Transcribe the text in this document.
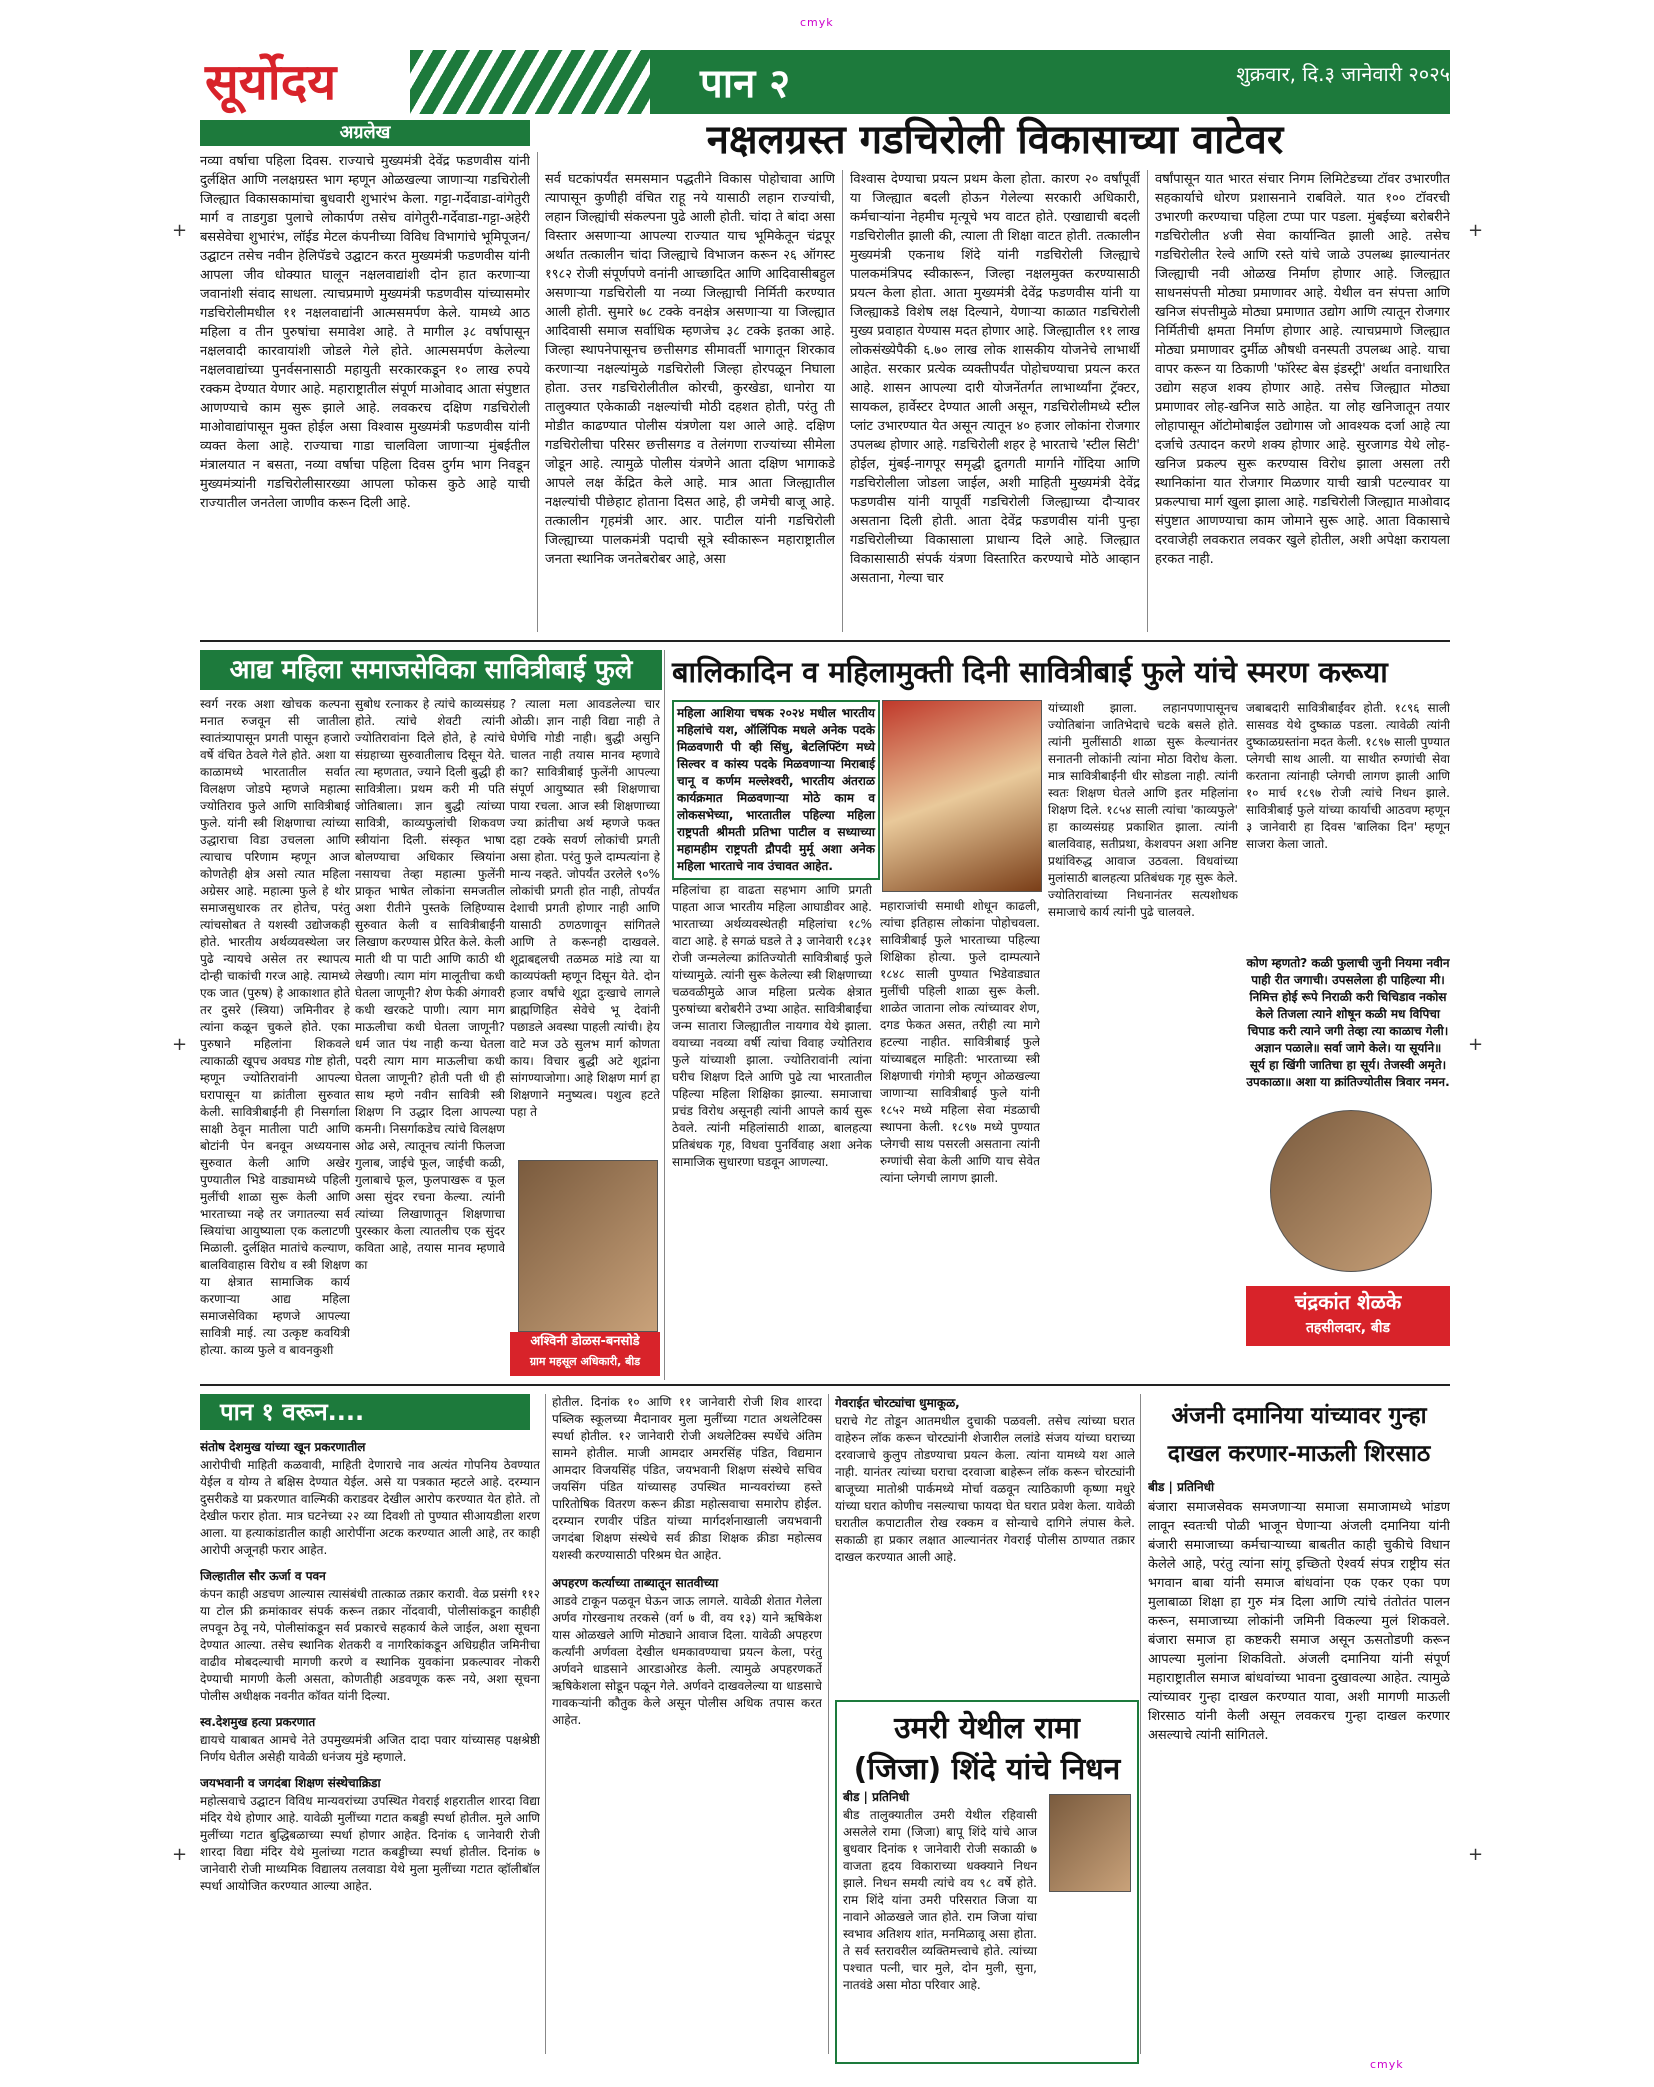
cmyk
सूर्योदय	पान २	शुक्रवार, दि.३ जानेवारी २०२५
अग्रलेख	नक्षलग्रस्त गडचिरोली विकासाच्या वाटेवर
नव्या वर्षाचा पहिला दिवस. राज्याचे मुख्यमंत्री देवेंद्र फडणवीस यांनी दुर्लक्षित आणि नलक्षग्रस्त भाग म्हणून ओळखल्या जाणाऱ्या गडचिरोली जिल्ह्यात विकासकामांचा बुधवारी शुभारंभ केला. गट्टा-गर्देवाडा-वांगेतुरी मार्ग व ताडगुडा पुलाचे लोकार्पण तसेच वांगेतुरी-गर्देवाडा-गट्टा-अहेरी बससेवेचा शुभारंभ, लॉईड मेटल कंपनीच्या विविध विभागांचे भूमिपूजन/उद्घाटन तसेच नवीन हेलिपॅडचे उद्घाटन करत मुख्यमंत्री फडणवीस यांनी आपला जीव धोक्यात घालून नक्षलवाद्यांशी दोन हात करणाऱ्या जवानांशी संवाद साधला. त्याचप्रमाणे मुख्यमंत्री फडणवीस यांच्यासमोर गडचिरोलीमधील ११ नक्षलवाद्यांनी आत्मसमर्पण केले. यामध्ये आठ महिला व तीन पुरुषांचा समावेश आहे. ते मागील ३८ वर्षापासून नक्षलवादी कारवायांशी जोडले गेले होते. आत्मसमर्पण केलेल्या नक्षलवाद्यांच्या पुनर्वसनासाठी महायुती सरकारकडून १० लाख रुपये रक्कम देण्यात येणार आहे. महाराष्ट्रातील संपूर्ण माओवाद आता संपुष्टात आणण्याचे काम सुरू झाले आहे. लवकरच दक्षिण गडचिरोली माओवाद्यांपासून मुक्त होईल असा विश्वास मुख्यमंत्री फडणवीस यांनी व्यक्त केला आहे. राज्याचा गाडा चालविला जाणाऱ्या मुंबईतील मंत्रालयात न बसता, नव्या वर्षाचा पहिला दिवस दुर्गम भाग निवडून मुख्यमंत्र्यांनी गडचिरोलीसारख्या आपला फोकस कुठे आहे याची राज्यातील जनतेला जाणीव करून दिली आहे.
सर्व घटकांपर्यंत समसमान पद्धतीने विकास पोहोचावा आणि त्यापासून कुणीही वंचित राहू नये यासाठी लहान राज्यांची, लहान जिल्ह्यांची संकल्पना पुढे आली होती. चांदा ते बांदा असा विस्तार असणाऱ्या आपल्या राज्यात याच भूमिकेतून चंद्रपूर अर्थात तत्कालीन चांदा जिल्ह्याचे विभाजन करून २६ ऑगस्ट १९८२ रोजी संपूर्णपणे वनांनी आच्छादित आणि आदिवासीबहुल असणाऱ्या गडचिरोली या नव्या जिल्ह्याची निर्मिती करण्यात आली होती. सुमारे ७८ टक्के वनक्षेत्र असणाऱ्या या जिल्ह्यात आदिवासी समाज सर्वाधिक म्हणजेच ३८ टक्के इतका आहे. जिल्हा स्थापनेपासूनच छत्तीसगड सीमावर्ती भागातून शिरकाव करणाऱ्या नक्षल्यांमुळे गडचिरोली जिल्हा होरपळून निघाला होता. उत्तर गडचिरोलीतील कोरची, कुरखेडा, धानोरा या तालुक्यात एकेकाळी नक्षल्यांची मोठी दहशत होती, परंतु ती मोडीत काढण्यात पोलीस यंत्रणेला यश आले आहे. दक्षिण गडचिरोलीचा परिसर छत्तीसगड व तेलंगणा राज्यांच्या सीमेला जोडून आहे. त्यामुळे पोलीस यंत्रणेने आता दक्षिण भागाकडे आपले लक्ष केंद्रित केले आहे. मात्र आता जिल्ह्यातील नक्षल्यांची पीछेहाट होताना दिसत आहे, ही जमेची बाजू आहे. तत्कालीन गृहमंत्री आर. आर. पाटील यांनी गडचिरोली जिल्ह्याच्या पालकमंत्री पदाची सूत्रे स्वीकारून महाराष्ट्रातील जनता स्थानिक जनतेबरोबर आहे, असा
विश्वास देण्याचा प्रयत्न प्रथम केला होता. कारण २० वर्षांपूर्वी या जिल्ह्यात बदली होऊन गेलेल्या सरकारी अधिकारी, कर्मचाऱ्यांना नेहमीच मृत्यूचे भय वाटत होते. एखाद्याची बदली गडचिरोलीत झाली की, त्याला ती शिक्षा वाटत होती. तत्कालीन मुख्यमंत्री एकनाथ शिंदे यांनी गडचिरोली जिल्ह्याचे पालकमंत्रिपद स्वीकारून, जिल्हा नक्षलमुक्त करण्यासाठी प्रयत्न केला होता. आता मुख्यमंत्री देवेंद्र फडणवीस यांनी या जिल्ह्याकडे विशेष लक्ष दिल्याने, येणाऱ्या काळात गडचिरोली मुख्य प्रवाहात येण्यास मदत होणार आहे. जिल्ह्यातील ११ लाख लोकसंख्येपैकी ६.७० लाख लोक शासकीय योजनेचे लाभार्थी आहेत. सरकार प्रत्येक व्यक्तीपर्यंत पोहोचण्याचा प्रयत्न करत आहे. शासन आपल्या दारी योजनेंतर्गत लाभार्थ्यांना ट्रॅक्टर, सायकल, हार्वेस्टर देण्यात आली असून, गडचिरोलीमध्ये स्टील प्लांट उभारण्यात येत असून त्यातून ४० हजार लोकांना रोजगार उपलब्ध होणार आहे. गडचिरोली शहर हे भारताचे 'स्टील सिटी' होईल, मुंबई-नागपूर समृद्धी द्रुतगती मार्गाने गोंदिया आणि गडचिरोलीला जोडला जाईल, अशी माहिती मुख्यमंत्री देवेंद्र फडणवीस यांनी यापूर्वी गडचिरोली जिल्ह्याच्या दौऱ्यावर असताना दिली होती. आता देवेंद्र फडणवीस यांनी पुन्हा गडचिरोलीच्या विकासाला प्राधान्य दिले आहे. जिल्ह्यात विकासासाठी संपर्क यंत्रणा विस्तारित करण्याचे मोठे आव्हान असताना, गेल्या चार
वर्षांपासून यात भारत संचार निगम लिमिटेडच्या टॉवर उभारणीत सहकार्याचे धोरण प्रशासनाने राबविले. यात १०० टॉवरची उभारणी करण्याचा पहिला टप्पा पार पडला. मुंबईच्या बरोबरीने गडचिरोलीत ४जी सेवा कार्यान्वित झाली आहे. तसेच गडचिरोलीत रेल्वे आणि रस्ते यांचे जाळे उपलब्ध झाल्यानंतर जिल्ह्याची नवी ओळख निर्माण होणार आहे. जिल्ह्यात साधनसंपत्ती मोठ्या प्रमाणावर आहे. येथील वन संपत्ता आणि खनिज संपत्तीमुळे मोठ्या प्रमाणात उद्योग आणि त्यातून रोजगार निर्मितीची क्षमता निर्माण होणार आहे. त्याचप्रमाणे जिल्ह्यात मोठ्या प्रमाणावर दुर्मीळ औषधी वनस्पती उपलब्ध आहे. याचा वापर करून या ठिकाणी 'फॉरेस्ट बेस इंडस्ट्री' अर्थात वनाधारित उद्योग सहज शक्य होणार आहे. तसेच जिल्ह्यात मोठ्या प्रमाणावर लोह-खनिज साठे आहेत. या लोह खनिजातून तयार लोहापासून ऑटोमोबाईल उद्योगास जो आवश्यक दर्जा आहे त्या दर्जाचे उत्पादन करणे शक्य होणार आहे. सुरजागड येथे लोह-खनिज प्रकल्प सुरू करण्यास विरोध झाला असला तरी स्थानिकांना यात रोजगार मिळणार याची खात्री पटल्यावर या प्रकल्पाचा मार्ग खुला झाला आहे. गडचिरोली जिल्ह्यात माओवाद संपुष्टात आणण्याचा काम जोमाने सुरू आहे. आता विकासाचे दरवाजेही लवकरात लवकर खुले होतील, अशी अपेक्षा करायला हरकत नाही.
आद्य महिला समाजसेविका सावित्रीबाई फुले
स्वर्ग नरक अशा खोचक कल्पना मनात रुजवून सी जातीला स्वातंत्र्यापासून प्रगती पासून हजारो वर्षे वंचित ठेवले गेले होते. अशा या काळामध्ये भारतातील सर्वात विलक्षण जोडपे म्हणजे महात्मा ज्योतिराव फुले आणि सावित्रीबाई फुले. यांनी स्त्री शिक्षणाचा त्यांच्या उद्धाराचा विडा उचलला आणि त्याचाच परिणाम म्हणून आज कोणतेही क्षेत्र असो त्यात महिला अग्रेसर आहे. महात्मा फुले हे थोर समाजसुधारक तर होतेच, परंतु त्यांचसोबत ते यशस्वी उद्योजकही होते. भारतीय अर्थव्यवस्थेला जर पुढे न्यायचे असेल तर स्थापत्य दोन्ही चाकांची गरज आहे. त्यामध्ये एक जात (पुरुष) हे आकाशात होते तर दुसरे (स्त्रिया) जमिनीवर हे त्यांना कळून चुकले होते. एका पुरुषाने महिलांना शिकवले त्याकाळी खूपच अवघड गोष्ट होती, म्हणून ज्योतिरावांनी आपल्या घरापासून या क्रांतीला सुरुवात केली. सावित्रीबाईंनी ही निसर्गाला साक्षी ठेवून मातीला पाटी आणि बोटांनी पेन बनवून अध्ययनास सुरुवात केली आणि अखेर पुण्यातील भिडे वाड्यामध्ये पहिली मुलींची शाळा सुरू केली आणि भारताच्या नव्हे तर जगातल्या सर्व स्त्रियांचा आयुष्याला एक कलाटणी मिळाली. दुर्लक्षित मातांचे कल्याण, बालविवाहास विरोध व स्त्री शिक्षण या क्षेत्रात सामाजिक कार्य करणाऱ्या आद्य महिला समाजसेविका म्हणजे आपल्या सावित्री माई. त्या उत्कृष्ट कवयित्री होत्या. काव्य फुले व बावनकुशी
सुबोध रत्नाकर हे त्यांचे काव्यसंग्रह होते. त्यांचे शेवटी त्यांनी ज्योतिरावांना दिले होते, हे त्यांचे संग्रहाच्या सुरुवातीलाच दिसून येते. त्या म्हणतात, ज्याने दिली बुद्धी ही सावित्रीला। प्रथम करी मी पति जोतिबाला। ज्ञान बुद्धी त्यांच्या सावित्री, काव्यफुलांची शिकवण स्त्रीयांना दिली. संस्कृत भाषा बोलण्याचा अधिकार स्त्रियांना नसायचा तेव्हा महात्मा फुलेंनी प्राकृत भाषेत लोकांना समजतील अशा रीतीने पुस्तके लिहिण्यास सुरुवात केली व सावित्रीबाईंनी लिखाण करण्यास प्रेरित केले. केली माती थी पा पाटी आणि काठी थी लेखणी। त्याग मांग मालूतीचा कधी घेतला जाणूनी? शेण फेकी अंगावरी कधी खरकटे पाणी। त्याग माग माऊलीचा कधी घेतला जाणूनी? धर्म जात पंथ नाही कन्या घेतला पदरी त्याग माग माऊलीचा कधी घेतला जाणूनी? होती पती धी ही साथ म्हणे नवीन सावित्री स्त्री शिक्षण नि उद्धार दिला आपल्या कमनी। निसर्गाकडेच त्यांचे विलक्षण ओढ असे, त्यातूनच त्यांनी फिलजा गुलाब, जाईचे फूल, जाईची कळी, गुलाबाचे फूल, फुलपाखरू व फूल असा सुंदर रचना केल्या. त्यांनी त्यांच्या लिखाणातून शिक्षणाचा पुरस्कार केला त्यातलीच एक सुंदर कविता आहे, तयास मानव म्हणावे का
? त्याला मला आवडलेल्या चार ओळी। ज्ञान नाही विद्या नाही ते घेणेचि गोडी नाही। बुद्धी असुनि चालत नाही तयास मानव म्हणावे का? सावित्रीबाई फुलेंनी आपल्या संपूर्ण आयुष्यात स्त्री शिक्षणाचा पाया रचला. आज स्त्री शिक्षणाच्या ज्या क्रांतीचा अर्थ म्हणजे फक्त दहा टक्के सवर्ण लोकांची प्रगती असा होता. परंतु फुले दाम्पत्यांना हे मान्य नव्हते. जोपर्यंत उरलेले ९०% लोकांची प्रगती होत नाही, तोपर्यंत देशाची प्रगती होणार नाही आणि यासाठी ठणठणावून सांगितले आणि ते करूनही दाखवले. शूद्राबद्दलची तळमळ मांडे त्या या काव्यपंक्ती म्हणून दिसून येते. दोन हजार वर्षांचे शूद्रा दुःखाचे लागले ब्राह्मणिहित सेवेचे भू देवांनी पछाडले अवस्था पाहली त्यांची। हेय वाटे मज उठे सुलभ मार्ग कोणता काय। विचार बुद्धी अटे शूद्रांना सांगण्याजोगा। आहे शिक्षण मार्ग हा शिक्षणाने मनुष्यत्व। पशुत्व हटते पहा ते
अश्विनी डोळस-बनसोडे
ग्राम महसूल अधिकारी, बीड
बालिकादिन व महिलामुक्ती दिनी सावित्रीबाई फुले यांचे स्मरण करूया
महिला आशिया चषक २०२४ मधील भारतीय महिलांचे यश, ऑलिंपिक मधले अनेक पदके मिळवणारी पी व्ही सिंधु, बेटलिफ्टिंग मध्ये सिल्वर व कांस्य पदके मिळवणाऱ्या मिराबाई चानू व कर्णम मल्लेश्वरी, भारतीय अंतराळ कार्यक्रमात मिळवणाऱ्या मोठे काम व लोकसभेच्या, भारतातील पहिल्या महिला राष्ट्रपती श्रीमती प्रतिभा पाटील व सध्याच्या महामहीम राष्ट्रपती द्रौपदी मुर्मू अशा अनेक महिला भारताचे नाव उंचावत आहेत.
महिलांचा हा वाढता सहभाग आणि प्रगती पाहता आज भारतीय महिला आघाडीवर आहे. भारताच्या अर्थव्यवस्थेतही महिलांचा १८% वाटा आहे. हे सगळं घडले ते ३ जानेवारी १८३१ रोजी जन्मलेल्या क्रांतिज्योती सावित्रीबाई फुले यांच्यामुळे. त्यांनी सुरू केलेल्या स्त्री शिक्षणाच्या चळवळीमुळे आज महिला प्रत्येक क्षेत्रात पुरुषांच्या बरोबरीने उभ्या आहेत. सावित्रीबाईंचा जन्म सातारा जिल्ह्यातील नायगाव येथे झाला. वयाच्या नवव्या वर्षी त्यांचा विवाह ज्योतिराव फुले यांच्याशी झाला. ज्योतिरावांनी त्यांना घरीच शिक्षण दिले आणि पुढे त्या भारतातील पहिल्या महिला शिक्षिका झाल्या. समाजाचा प्रचंड विरोध असूनही त्यांनी आपले कार्य सुरू ठेवले. त्यांनी महिलांसाठी शाळा, बालहत्या प्रतिबंधक गृह, विधवा पुनर्विवाह अशा अनेक सामाजिक सुधारणा घडवून आणल्या.
महाराजांची समाधी शोधून काढली, त्यांचा इतिहास लोकांना पोहोचवला. सावित्रीबाई फुले भारताच्या पहिल्या शिक्षिका होत्या. फुले दाम्पत्याने १८४८ साली पुण्यात भिडेवाड्यात मुलींची पहिली शाळा सुरू केली. शाळेत जाताना लोक त्यांच्यावर शेण, दगड फेकत असत, तरीही त्या मागे हटल्या नाहीत. सावित्रीबाई फुले यांच्याबद्दल माहिती: भारताच्या स्त्री शिक्षणाची गंगोत्री म्हणून ओळखल्या जाणाऱ्या सावित्रीबाई फुले यांनी १८५२ मध्ये महिला सेवा मंडळाची स्थापना केली. १८९७ मध्ये पुण्यात प्लेगची साथ पसरली असताना त्यांनी रुग्णांची सेवा केली आणि याच सेवेत त्यांना प्लेगची लागण झाली.
यांच्याशी झाला. लहानपणापासूनच ज्योतिबांना जातिभेदाचे चटके बसले होते. त्यांनी मुलींसाठी शाळा सुरू केल्यानंतर सनातनी लोकांनी त्यांना मोठा विरोध केला. मात्र सावित्रीबाईंनी धीर सोडला नाही. त्यांनी स्वतः शिक्षण घेतले आणि इतर महिलांना शिक्षण दिले. १८५४ साली त्यांचा 'काव्यफुले' हा काव्यसंग्रह प्रकाशित झाला. त्यांनी बालविवाह, सतीप्रथा, केशवपन अशा अनिष्ट प्रथांविरुद्ध आवाज उठवला. विधवांच्या मुलांसाठी बालहत्या प्रतिबंधक गृह सुरू केले. ज्योतिरावांच्या निधनानंतर सत्यशोधक समाजाचे कार्य त्यांनी पुढे चालवले.
जबाबदारी सावित्रीबाईंवर होती. १८९६ साली सासवड येथे दुष्काळ पडला. त्यावेळी त्यांनी दुष्काळग्रस्तांना मदत केली. १८९७ साली पुण्यात प्लेगची साथ आली. या साथीत रुग्णांची सेवा करताना त्यांनाही प्लेगची लागण झाली आणि १० मार्च १८९७ रोजी त्यांचे निधन झाले. सावित्रीबाई फुले यांच्या कार्याची आठवण म्हणून ३ जानेवारी हा दिवस 'बालिका दिन' म्हणून साजरा केला जातो.
कोण म्हणतो? कळी फुलाची जुनी नियमा नवीन पाही रीत जगाची। उपसलेला ही पाहिल्या मी। निमित्त होई रूपे निराळी करी चिचिडाव नकोस केले तिजला त्याने शोषून कळी मध विपिचा चिपाड करी त्याने जगी तेव्हा त्या काळाच गेली। अज्ञान पळाले॥ सर्वा जागे केले। या सूर्याने॥ सूर्य हा खिंगी जातिचा हा सूर्य। तेजस्वी अमृते। उपकाळा॥ अशा या क्रांतिज्योतीस त्रिवार नमन.
चंद्रकांत शेळके
तहसीलदार, बीड
पान १ वरून....
संतोष देशमुख यांच्या खून प्रकरणातील
आरोपीची माहिती कळवावी, माहिती देणाराचे नाव अत्यंत गोपनिय ठेवण्यात येईल व योग्य ते बक्षिस देण्यात येईल. असे या पत्रकात म्हटले आहे. दरम्यान दुसरीकडे या प्रकरणात वाल्मिकी कराडवर देखील आरोप करण्यात येत होते. तो देखील फरार होता. मात्र घटनेच्या २२ व्या दिवशी तो पुण्यात सीआयडीला शरण आला. या हत्याकांडातील काही आरोपींना अटक करण्यात आली आहे, तर काही आरोपी अजूनही फरार आहेत.
जिल्हातील सौर ऊर्जा व पवन
कंपन काही अडचण आल्यास त्यासंबंधी तात्काळ तक्रार करावी. वेळ प्रसंगी ११२ या टोल फ्री क्रमांकावर संपर्क करून तक्रार नोंदवावी, पोलीसांकडून काहीही लपवून ठेवू नये, पोलीसांकडून सर्व प्रकारचे सहकार्य केले जाईल, अशा सूचना देण्यात आल्या. तसेच स्थानिक शेतकरी व नागरिकांकडून अधिग्रहीत जमिनीचा वाढीव मोबदल्याची मागणी करणे व स्थानिक युवकांना प्रकल्पावर नोकरी देण्याची मागणी केली असता, कोणतीही अडवणूक करू नये, अशा सूचना पोलीस अधीक्षक नवनीत कॉवत यांनी दिल्या.
स्व.देशमुख हत्या प्रकरणात
द्यायचे याबाबत आमचे नेते उपमुख्यमंत्री अजित दादा पवार यांच्यासह पक्षश्रेष्ठी निर्णय घेतील असेही यावेळी धनंजय मुंडे म्हणाले.
जयभवानी व जगदंबा शिक्षण संस्थेचाक्रिडा
महोत्सवाचे उद्घाटन विविध मान्यवरांच्या उपस्थित गेवराई शहरातील शारदा विद्या मंदिर येथे होणार आहे. यावेळी मुलींच्या गटात कबड्डी स्पर्धा होतील. मुले आणि मुलींच्या गटात बुद्धिबळाच्या स्पर्धा होणार आहेत. दिनांक ६ जानेवारी रोजी शारदा विद्या मंदिर येथे मुलांच्या गटात कबड्डीच्या स्पर्धा होतील. दिनांक ७ जानेवारी रोजी माध्यमिक विद्यालय तलवाडा येथे मुला मुलींच्या गटात व्हॉलीबॉल स्पर्धा आयोजित करण्यात आल्या आहेत.
होतील. दिनांक १० आणि ११ जानेवारी रोजी शिव शारदा पब्लिक स्कूलच्या मैदानावर मुला मुलींच्या गटात अथलेटिक्स स्पर्धा होतील. १२ जानेवारी रोजी अथलेटिक्स स्पर्धेचे अंतिम सामने होतील. माजी आमदार अमरसिंह पंडित, विद्यमान आमदार विजयसिंह पंडित, जयभवानी शिक्षण संस्थेचे सचिव जयसिंग पंडित यांच्यासह उपस्थित मान्यवरांच्या हस्ते पारितोषिक वितरण करून क्रीडा महोत्सवाचा समारोप होईल. दरम्यान रणवीर पंडित यांच्या मार्गदर्शनाखाली जयभवानी जगदंबा शिक्षण संस्थेचे सर्व क्रीडा शिक्षक क्रीडा महोत्सव यशस्वी करण्यासाठी परिश्रम घेत आहेत.
अपहरण कर्त्याच्या ताब्यातून सातवीच्या
आडवे टाकून पळवून घेऊन जाऊ लागले. यावेळी शेतात गेलेला अर्णव गोरखनाथ तरकसे (वर्ग ७ वी, वय १३) याने ऋषिकेश यास ओळखले आणि मोठ्याने आवाज दिला. यावेळी अपहरण कर्त्यांनी अर्णवला देखील धमकावण्याचा प्रयत्न केला, परंतु अर्णवने धाडसाने आरडाओरड केली. त्यामुळे अपहरणकर्ते ऋषिकेशला सोडून पळून गेले. अर्णवने दाखवलेल्या या धाडसाचे गावकऱ्यांनी कौतुक केले असून पोलीस अधिक तपास करत आहेत.
गेवराईत चोरट्यांचा धुमाकूळ,
घराचे गेट तोडून आतमधील दुचाकी पळवली. तसेच त्यांच्या घरात वाहेरुन लॉक करून चोरट्यांनी शेजारील ललांडे संजय यांच्या घराच्या दरवाजाचे कुलुप तोडण्याचा प्रयत्न केला. त्यांना यामध्ये यश आले नाही. यानंतर त्यांच्या घराचा दरवाजा बाहेरून लॉक करून चोरट्यांनी बाजूच्या मातोश्री पार्कमध्ये मोर्चा वळवून त्याठिकाणी कृष्णा मधुरे यांच्या घरात कोणीच नसल्याचा फायदा घेत घरात प्रवेश केला. यावेळी घरातील कपाटातील रोख रक्कम व सोन्याचे दागिने लंपास केले. सकाळी हा प्रकार लक्षात आल्यानंतर गेवराई पोलीस ठाण्यात तक्रार दाखल करण्यात आली आहे.
उमरी येथील रामा
(जिजा) शिंदे यांचे निधन
बीड | प्रतिनिधी
बीड तालुक्यातील उमरी येथील रहिवासी असलेले रामा (जिजा) बापू शिंदे यांचे आज बुधवार दिनांक १ जानेवारी रोजी सकाळी ७ वाजता हृदय विकाराच्या धक्क्याने निधन झाले. निधन समयी त्यांचे वय ९८ वर्षे होते. राम शिंदे यांना उमरी परिसरात जिजा या नावाने ओळखले जात होते. राम जिजा यांचा स्वभाव अतिशय शांत, मनमिळावू असा होता. ते सर्व स्तरावरील व्यक्तिमत्त्वाचे होते. त्यांच्या पश्चात पत्नी, चार मुले, दोन मुली, सुना, नातवंडे असा मोठा परिवार आहे.
अंजनी दमानिया यांच्यावर गुन्हा
दाखल करणार-माऊली शिरसाठ
बीड | प्रतिनिधी
बंजारा समाजसेवक समजणाऱ्या समाजा समाजामध्ये भांडण लावून स्वतःची पोळी भाजून घेणाऱ्या अंजली दमानिया यांनी बंजारी समाजाच्या कर्मचाऱ्याच्या बाबतीत काही चुकीचे विधान केलेले आहे, परंतु त्यांना सांगू इच्छितो ऐश्वर्य संपत्र राष्ट्रीय संत भगवान बाबा यांनी समाज बांधवांना एक एकर एका पण मुलाबाळा शिक्षा हा गुरु मंत्र दिला आणि त्यांचे तंतोतंत पालन करून, समाजाच्या लोकांनी जमिनी विकल्या मुलं शिकवले. बंजारा समाज हा कष्टकरी समाज असून ऊसतोडणी करून आपल्या मुलांना शिकवितो. अंजली दमानिया यांनी संपूर्ण महाराष्ट्रातील समाज बांधवांच्या भावना दुखावल्या आहेत. त्यामुळे त्यांच्यावर गुन्हा दाखल करण्यात यावा, अशी मागणी माऊली शिरसाठ यांनी केली असून लवकरच गुन्हा दाखल करणार असल्याचे त्यांनी सांगितले.
cmyk
+	+
+	+
+	+
